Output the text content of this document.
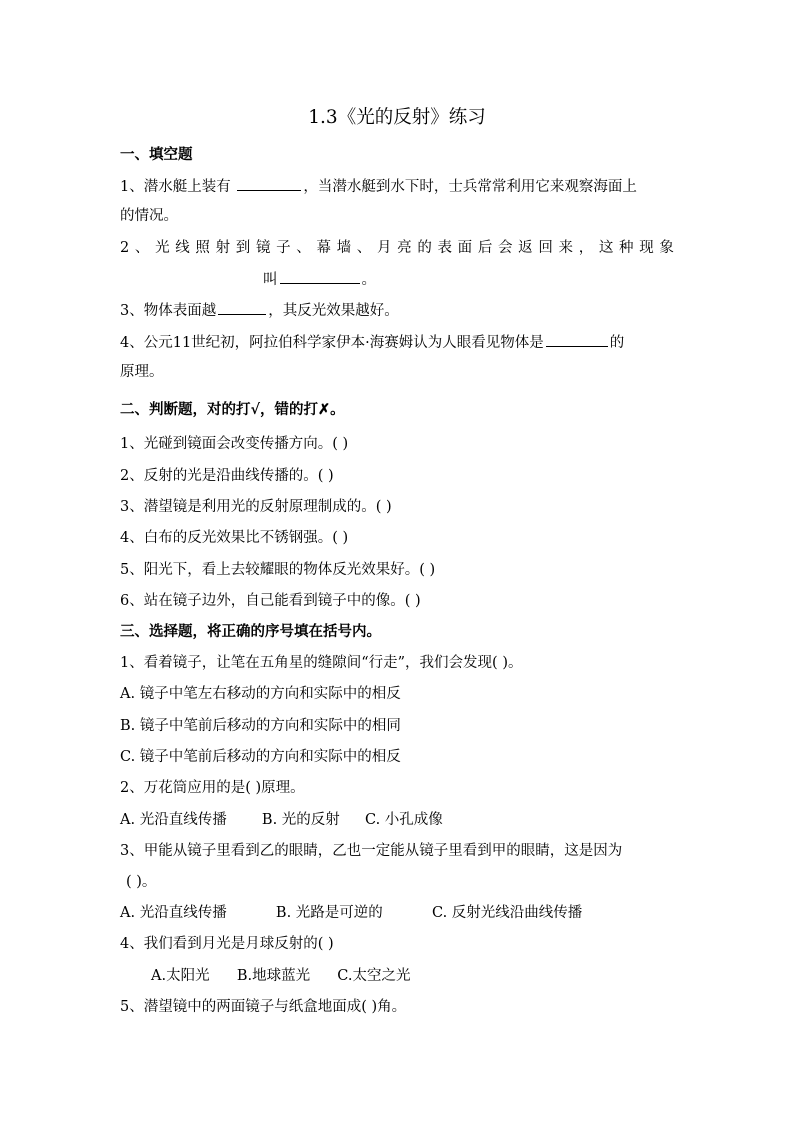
1.3《光的反射》练习
一、填空题
1、潜水艇上装有	，当潜水艇到水下时，士兵常常利用它来观察海面上
的情况。
2 、 光 线 照 射 到 镜 子 、 幕 墙 、 月 亮 的 表 面 后 会 返 回 来 ， 这 种 现 象
叫	。
3、物体表面越	，其反光效果越好。
4、公元11世纪初，阿拉伯科学家伊本·海赛姆认为人眼看见物体是	的
原理。
二、判断题，对的打√，错的打✗。
1、光碰到镜面会改变传播方向。( )
2、反射的光是沿曲线传播的。( )
3、潜望镜是利用光的反射原理制成的。( )
4、白布的反光效果比不锈钢强。( )
5、阳光下，看上去较耀眼的物体反光效果好。( )
6、站在镜子边外，自己能看到镜子中的像。( )
三、选择题，将正确的序号填在括号内。
1、看着镜子，让笔在五角星的缝隙间“行走”，我们会发现( )。
A. 镜子中笔左右移动的方向和实际中的相反
B. 镜子中笔前后移动的方向和实际中的相同
C. 镜子中笔前后移动的方向和实际中的相反
2、万花筒应用的是( )原理。
A. 光沿直线传播 B. 光的反射 C. 小孔成像
3、甲能从镜子里看到乙的眼睛，乙也一定能从镜子里看到甲的眼睛，这是因为
( )。
A. 光沿直线传播	B. 光路是可逆的	C. 反射光线沿曲线传播
4、我们看到月光是月球反射的( )
A.太阳光 B.地球蓝光 C.太空之光
5、潜望镜中的两面镜子与纸盒地面成( )角。
